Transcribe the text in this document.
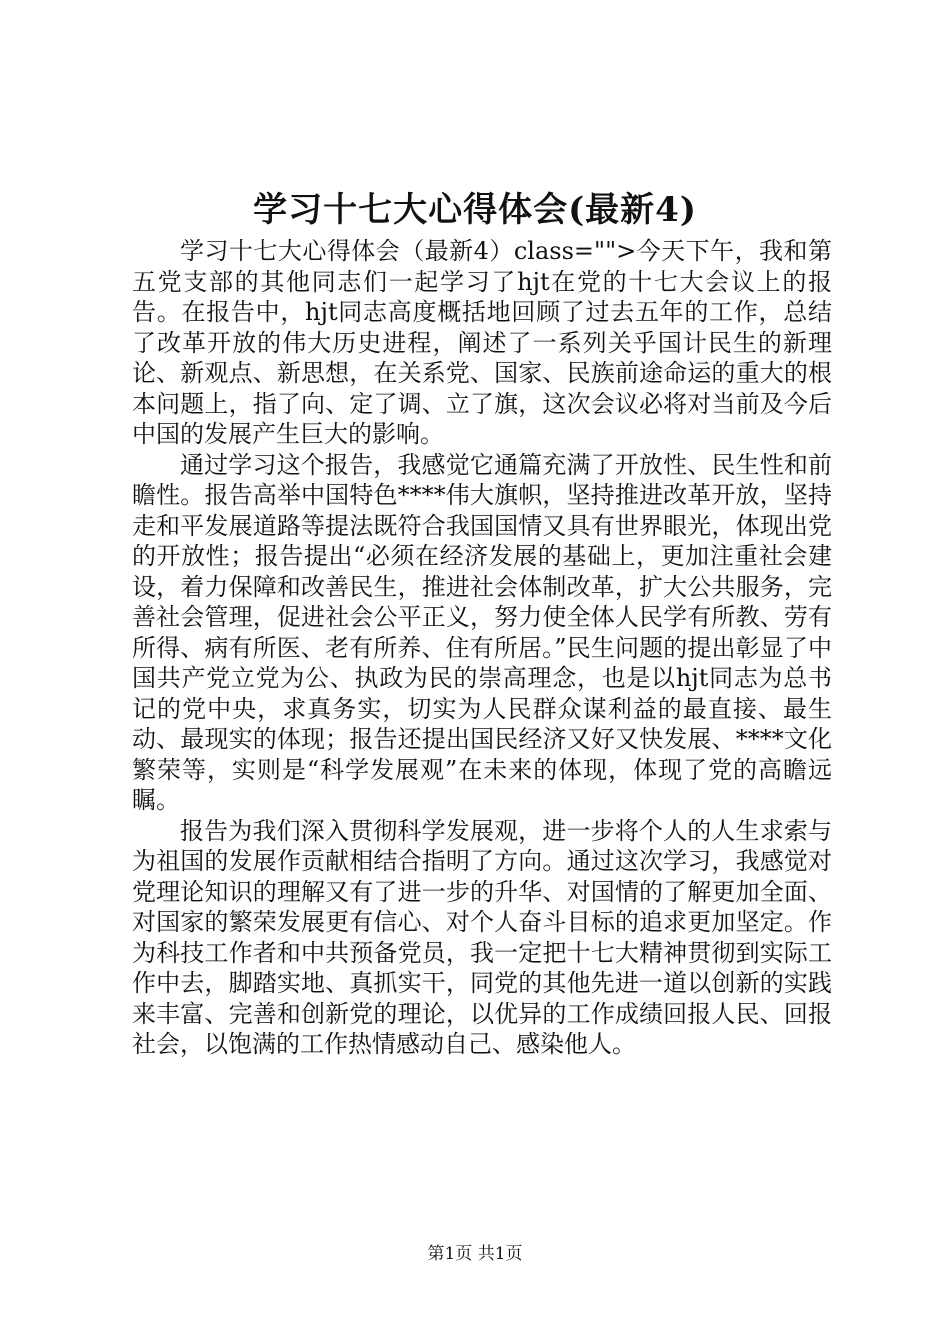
学习十七大心得体会(最新4)

学习十七大心得体会（最新4）class="">今天下午，我和第五党支部的其他同志们一起学习了hjt在党的十七大会议上的报告。在报告中，hjt同志高度概括地回顾了过去五年的工作，总结了改革开放的伟大历史进程，阐述了一系列关乎国计民生的新理论、新观点、新思想，在关系党、国家、民族前途命运的重大的根本问题上，指了向、定了调、立了旗，这次会议必将对当前及今后中国的发展产生巨大的影响。

通过学习这个报告，我感觉它通篇充满了开放性、民生性和前瞻性。报告高举中国特色****伟大旗帜，坚持推进改革开放，坚持走和平发展道路等提法既符合我国国情又具有世界眼光，体现出党的开放性；报告提出“必须在经济发展的基础上，更加注重社会建设，着力保障和改善民生，推进社会体制改革，扩大公共服务，完善社会管理，促进社会公平正义，努力使全体人民学有所教、劳有所得、病有所医、老有所养、住有所居。”民生问题的提出彰显了中国共产党立党为公、执政为民的崇高理念，也是以hjt同志为总书记的党中央，求真务实，切实为人民群众谋利益的最直接、最生动、最现实的体现；报告还提出国民经济又好又快发展、****文化繁荣等，实则是“科学发展观”在未来的体现，体现了党的高瞻远瞩。

报告为我们深入贯彻科学发展观，进一步将个人的人生求索与为祖国的发展作贡献相结合指明了方向。通过这次学习，我感觉对党理论知识的理解又有了进一步的升华、对国情的了解更加全面、对国家的繁荣发展更有信心、对个人奋斗目标的追求更加坚定。作为科技工作者和中共预备党员，我一定把十七大精神贯彻到实际工作中去，脚踏实地、真抓实干，同党的其他先进一道以创新的实践来丰富、完善和创新党的理论，以优异的工作成绩回报人民、回报社会，以饱满的工作热情感动自己、感染他人。

第1页 共1页
